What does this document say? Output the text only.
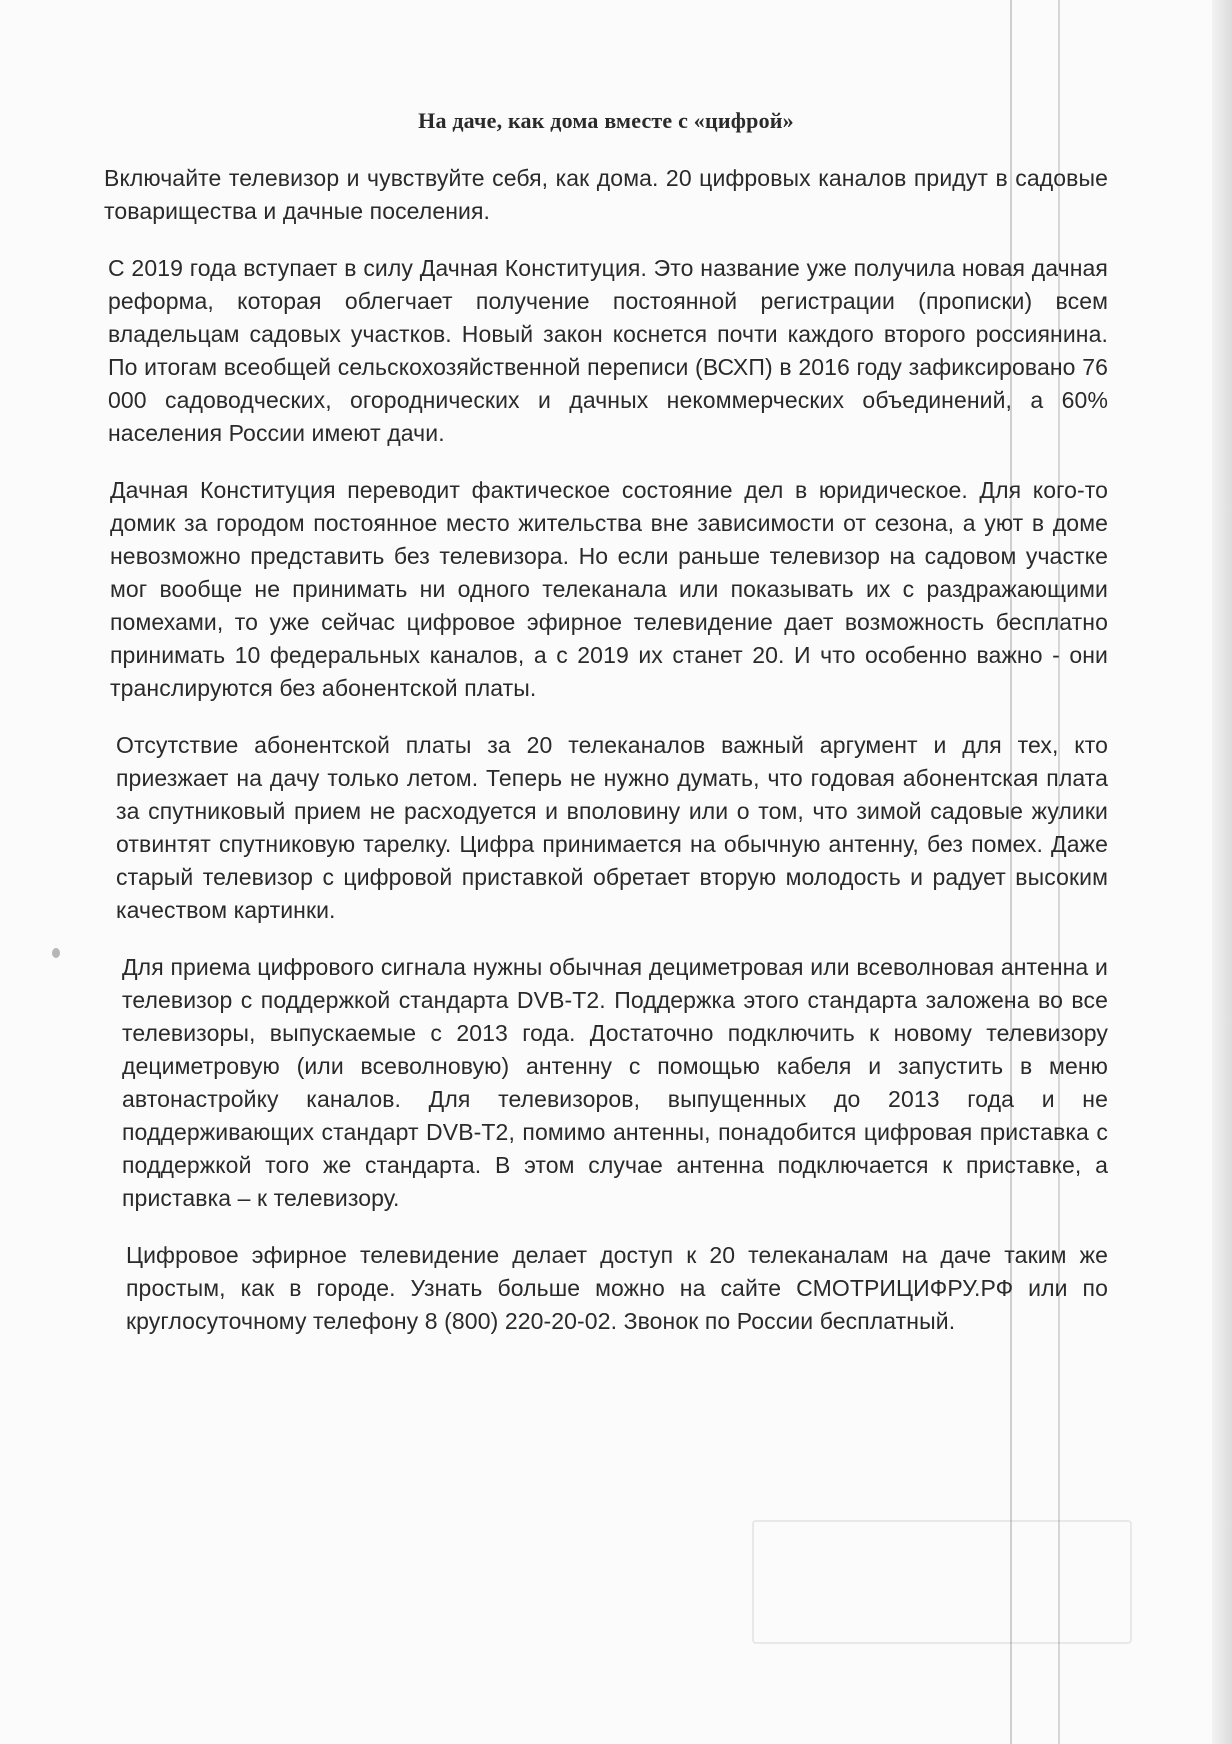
На даче, как дома вместе с «цифрой»

Включайте телевизор и чувствуйте себя, как дома. 20 цифровых каналов придут в садовые товарищества и дачные поселения.

С 2019 года вступает в силу Дачная Конституция. Это название уже получила новая дачная реформа, которая облегчает получение постоянной регистрации (прописки) всем владельцам садовых участков. Новый закон коснется почти каждого второго россиянина. По итогам всеобщей сельскохозяйственной переписи (ВСХП) в 2016 году зафиксировано 76 000 садоводческих, огороднических и дачных некоммерческих объединений, а 60% населения России имеют дачи.

Дачная Конституция переводит фактическое состояние дел в юридическое. Для кого-то домик за городом постоянное место жительства вне зависимости от сезона, а уют в доме невозможно представить без телевизора. Но если раньше телевизор на садовом участке мог вообще не принимать ни одного телеканала или показывать их с раздражающими помехами, то уже сейчас цифровое эфирное телевидение дает возможность бесплатно принимать 10 федеральных каналов, а с 2019 их станет 20. И что особенно важно - они транслируются без абонентской платы.

Отсутствие абонентской платы за 20 телеканалов важный аргумент и для тех, кто приезжает на дачу только летом. Теперь не нужно думать, что годовая абонентская плата за спутниковый прием не расходуется и вполовину или о том, что зимой садовые жулики отвинтят спутниковую тарелку. Цифра принимается на обычную антенну, без помех. Даже старый телевизор с цифровой приставкой обретает вторую молодость и радует высоким качеством картинки.

Для приема цифрового сигнала нужны обычная дециметровая или всеволновая антенна и телевизор с поддержкой стандарта DVB-T2. Поддержка этого стандарта заложена во все телевизоры, выпускаемые с 2013 года. Достаточно подключить к новому телевизору дециметровую (или всеволновую) антенну с помощью кабеля и запустить в меню автонастройку каналов. Для телевизоров, выпущенных до 2013 года и не поддерживающих стандарт DVB-T2, помимо антенны, понадобится цифровая приставка с поддержкой того же стандарта. В этом случае антенна подключается к приставке, а приставка – к телевизору.

Цифровое эфирное телевидение делает доступ к 20 телеканалам на даче таким же простым, как в городе. Узнать больше можно на сайте СМОТРИЦИФРУ.РФ или по круглосуточному телефону 8 (800) 220-20-02. Звонок по России бесплатный.
